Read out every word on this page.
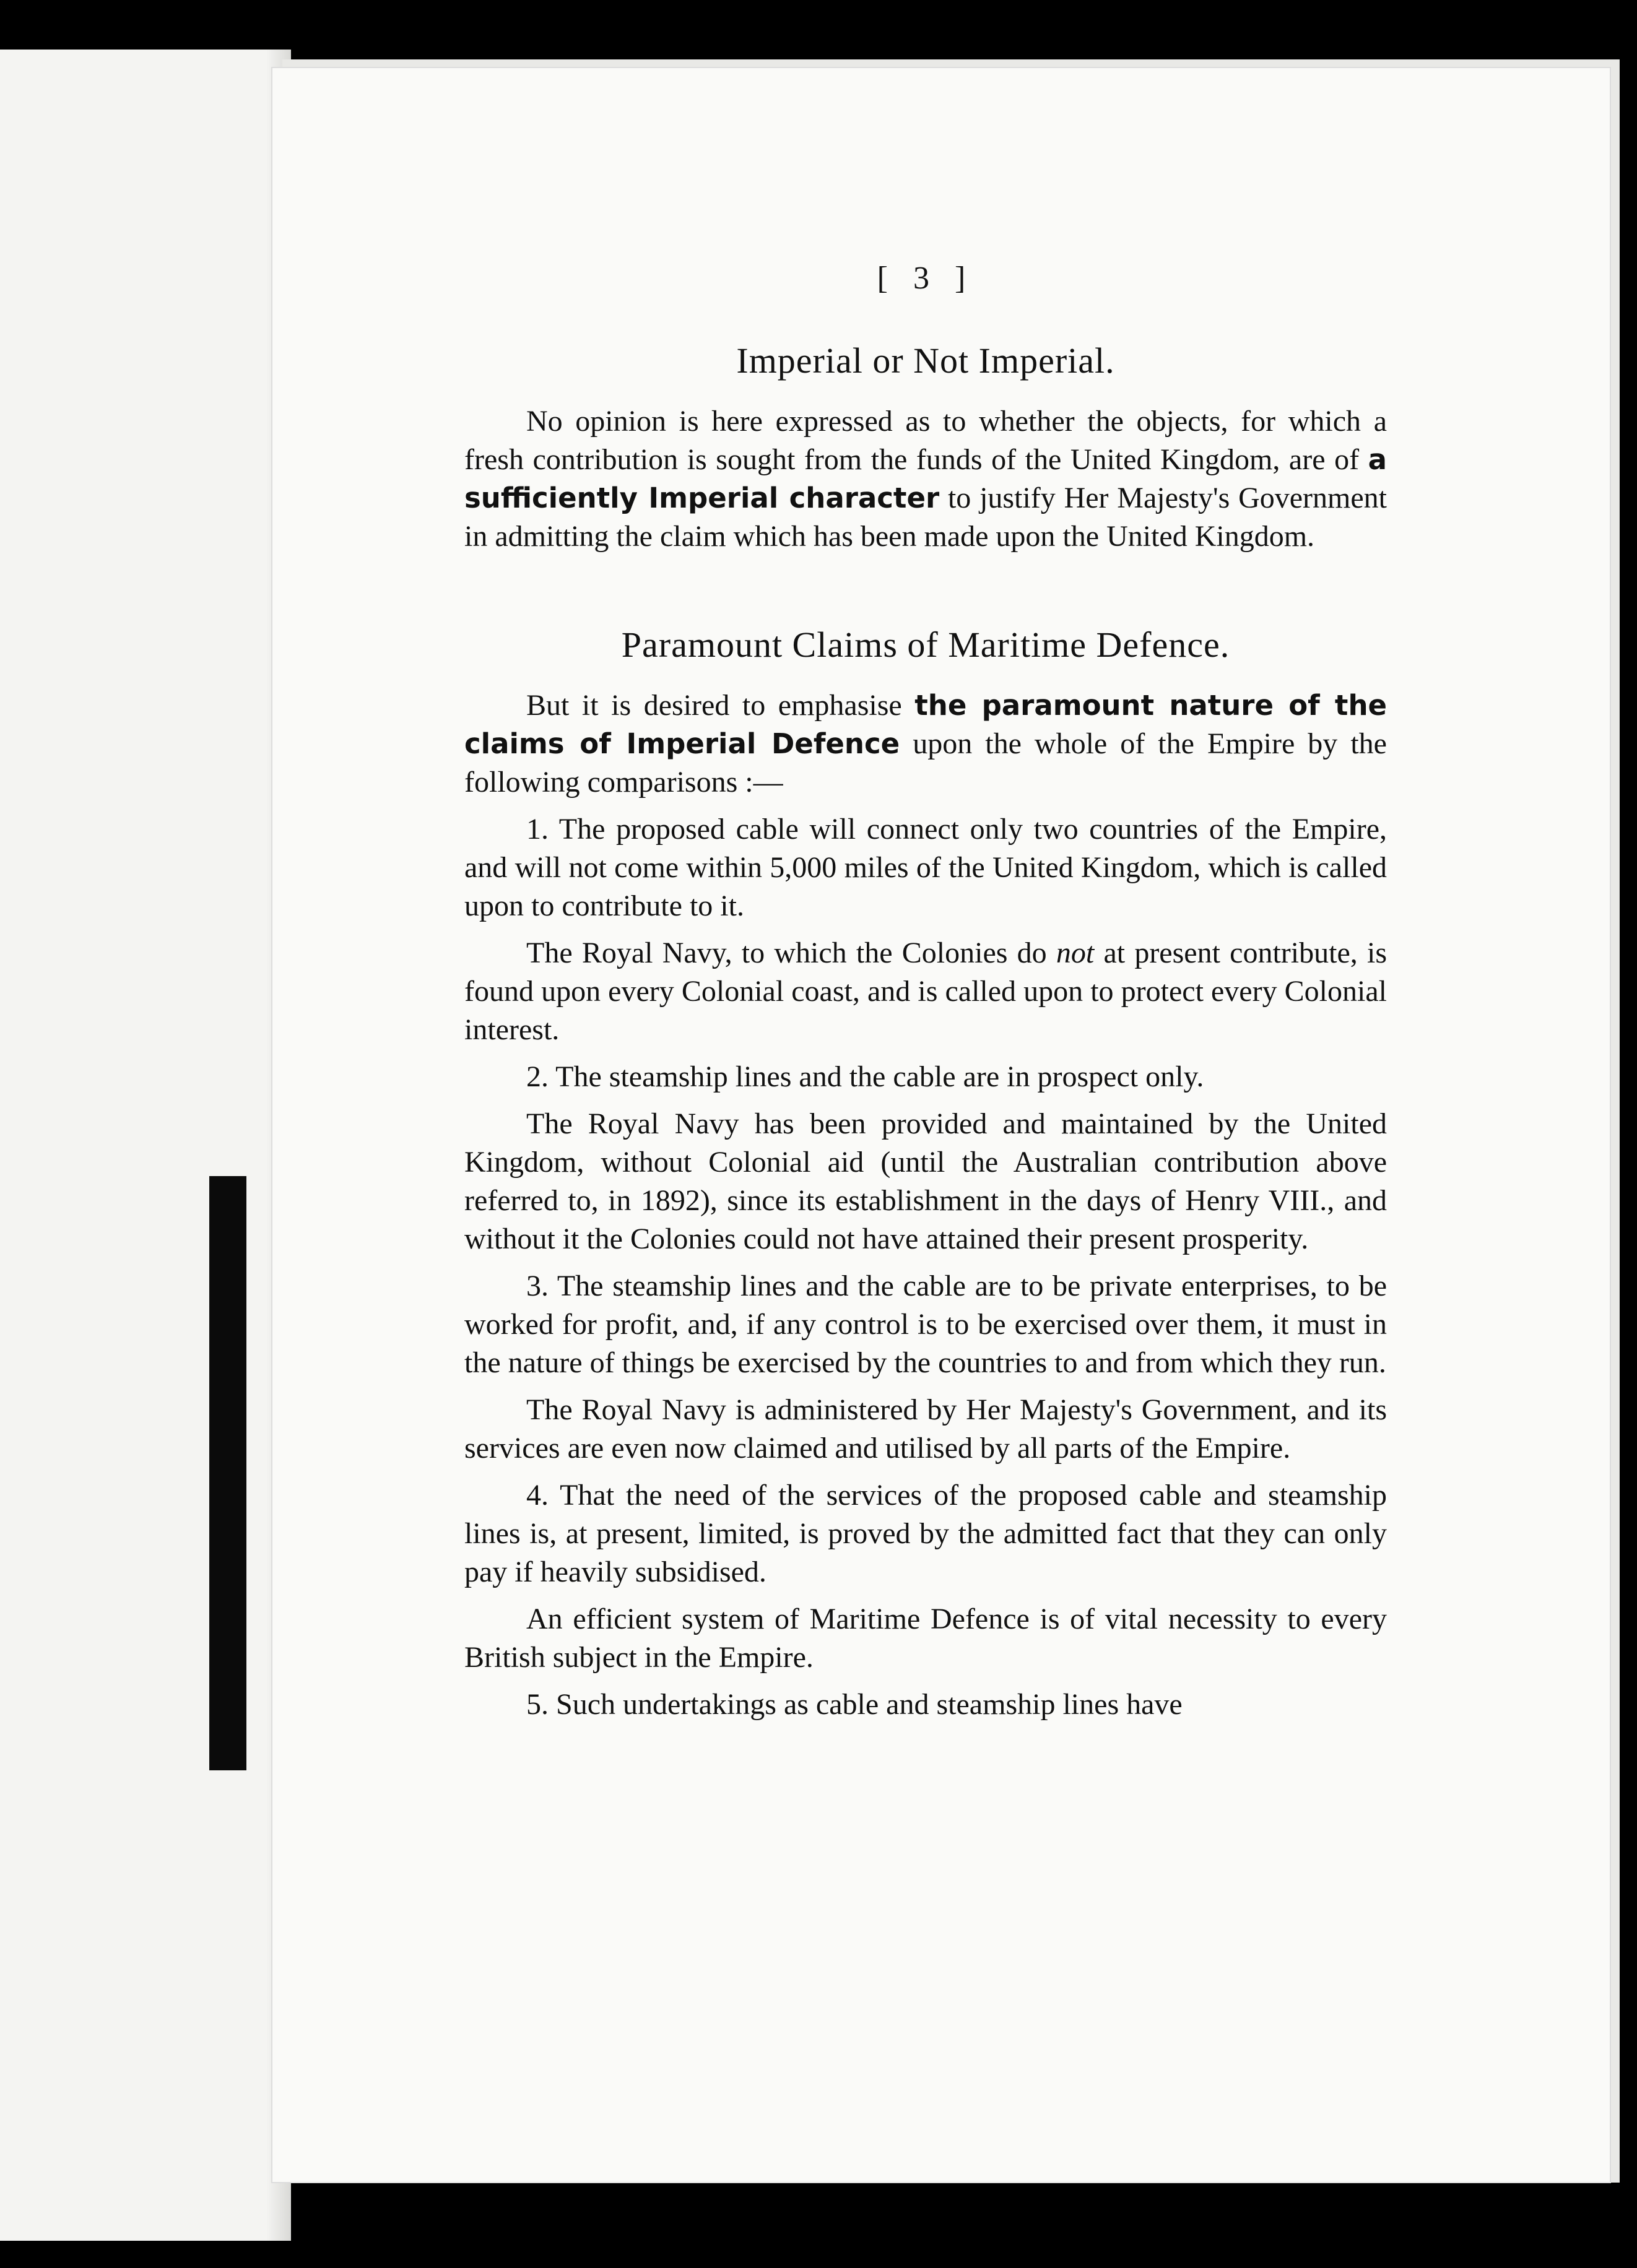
[ 3 ]
Imperial or Not Imperial.

No opinion is here expressed as to whether the objects, for which a fresh contribution is sought from the funds of the United Kingdom, are of a sufficiently Imperial character to justify Her Majesty's Government in admitting the claim which has been made upon the United Kingdom.

Paramount Claims of Maritime Defence.

But it is desired to emphasise the paramount nature of the claims of Imperial Defence upon the whole of the Empire by the following comparisons :—

1. The proposed cable will connect only two countries of the Empire, and will not come within 5,000 miles of the United Kingdom, which is called upon to contribute to it.

The Royal Navy, to which the Colonies do not at present contribute, is found upon every Colonial coast, and is called upon to protect every Colonial interest.

2. The steamship lines and the cable are in prospect only.

The Royal Navy has been provided and maintained by the United Kingdom, without Colonial aid (until the Australian contribution above referred to, in 1892), since its establishment in the days of Henry VIII., and without it the Colonies could not have attained their present prosperity.

3. The steamship lines and the cable are to be private enterprises, to be worked for profit, and, if any control is to be exercised over them, it must in the nature of things be exercised by the countries to and from which they run.

The Royal Navy is administered by Her Majesty's Government, and its services are even now claimed and utilised by all parts of the Empire.

4. That the need of the services of the proposed cable and steamship lines is, at present, limited, is proved by the admitted fact that they can only pay if heavily subsidised.

An efficient system of Maritime Defence is of vital necessity to every British subject in the Empire.

5. Such undertakings as cable and steamship lines have
